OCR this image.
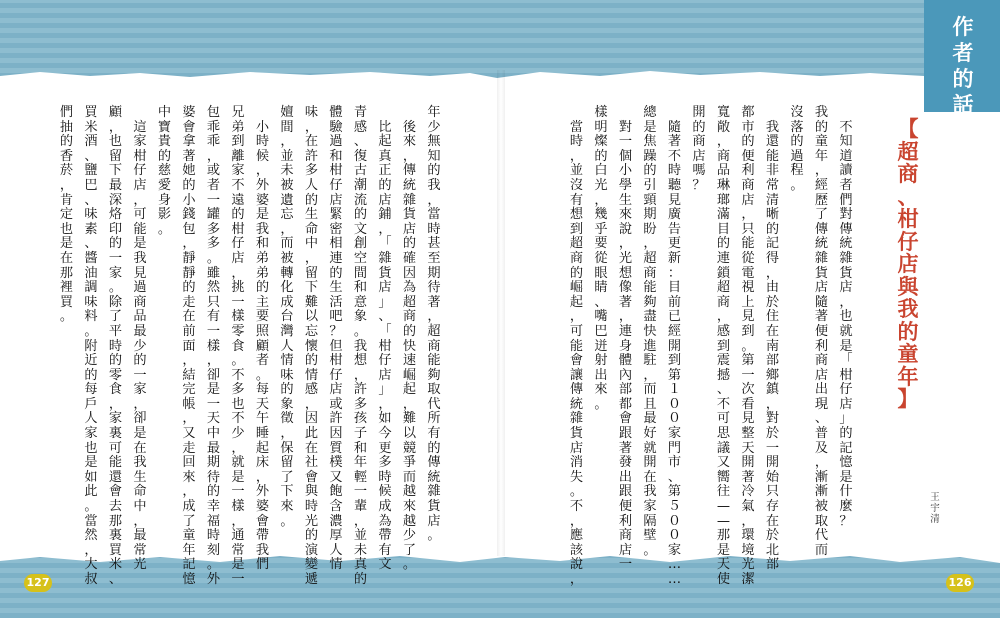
作
者
的
話
【
超
商
、
柑
仔
店
與
我
的
童
年
】
王
宇
清

不
知
道
讀
者
們
對
傳
統
雜
貨
店
，
也
就
是
「
柑
仔
店
」
的
記
憶
是
什
麼
？
我
的
童
年
，
經
歷
了
傳
統
雜
貨
店
隨
著
便
利
商
店
出
現
、
普
及
，
漸
漸
被
取
代
而
沒
落
的
過
程
。

我
還
能
非
常
清
晰
的
記
得
，
由
於
住
在
南
部
鄉
鎮
，
對
於
一
開
始
只
存
在
於
北
部
都
市
的
便
利
商
店
，
只
能
從
電
視
上
見
到
。
第
一
次
看
見
整
天
開
著
冷
氣
，
環
境
光
潔
寬
敞
，
商
品
琳
瑯
滿
目
的
連
鎖
超
商
，
感
到
震
撼
、
不
可
思
議
又
嚮
往
—
—
那
是
天
使
開
的
商
店
嗎
？

隨
著
不
時
聽
見
廣
告
更
新
：
目
前
已
經
開
到
第
１
０
０
家
門
市
、
第
５
０
０
家
…
…
總
是
焦
躁
的
引
頸
期
盼
，
超
商
能
夠
盡
快
進
駐
，
而
且
最
好
就
開
在
我
家
隔
壁
。

對
一
個
小
學
生
來
說
，
光
想
像
著
，
連
身
體
內
部
都
會
跟
著
發
出
跟
便
利
商
店
一
樣
明
燦
的
白
光
，
幾
乎
要
從
眼
睛
、
嘴
巴
迸
射
出
來
。

當
時
，
並
沒
有
想
到
超
商
的
崛
起
，
可
能
會
讓
傳
統
雜
貨
店
消
失
。
不
，
應
該
說
，
年
少
無
知
的
我
，
當
時
甚
至
期
待
著
，
超
商
能
夠
取
代
所
有
的
傳
統
雜
貨
店
。

後
來
，
傳
統
雜
貨
店
的
確
因
為
超
商
的
快
速
崛
起
，
難
以
競
爭
而
越
來
越
少
了
。

比
起
真
正
的
店
鋪
，
「
雜
貨
店
」
、
「
柑
仔
店
」
，
如
今
更
多
時
候
成
為
帶
有
文
青
感
、
復
古
潮
流
的
文
創
空
間
和
意
象
。
我
想
，
許
多
孩
子
和
年
輕
一
輩
，
並
未
真
的
體
驗
過
和
柑
仔
店
緊
密
相
連
的
生
活
吧
？
但
柑
仔
店
或
許
因
質
樸
又
飽
含
濃
厚
人
情
味
，
在
許
多
人
的
生
命
中
，
留
下
難
以
忘
懷
的
情
感
，
因
此
在
社
會
與
時
光
的
演
變
遞
嬗
間
，
並
未
被
遺
忘
，
而
被
轉
化
成
台
灣
人
情
味
的
象
徵
，
保
留
了
下
來
。

小
時
候
，
外
婆
是
我
和
弟
弟
的
主
要
照
顧
者
。
每
天
午
睡
起
床
，
外
婆
會
帶
我
們
兄
弟
到
離
家
不
遠
的
柑
仔
店
，
挑
一
樣
零
食
。
不
多
也
不
少
，
就
是
一
樣
，
通
常
是
一
包
乖
乖
，
或
者
一
罐
多
多
。
雖
然
只
有
一
樣
，
卻
是
一
天
中
最
期
待
的
幸
福
時
刻
。
外
婆
會
拿
著
她
的
小
錢
包
，
靜
靜
的
走
在
前
面
，
結
完
帳
，
又
走
回
來
，
成
了
童
年
記
憶
中
寶
貴
的
慈
愛
身
影
。

這
家
柑
仔
店
，
可
能
是
我
見
過
商
品
最
少
的
一
家
，
卻
是
在
我
生
命
中
，
最
常
光
顧
，
也
留
下
最
深
烙
印
的
一
家
。
除
了
平
時
的
零
食
，
家
裏
可
能
還
會
去
那
裏
買
米
、
買
米
酒
、
鹽
巴
、
味
素
、
醬
油
調
味
料
。
附
近
的
每
戶
人
家
也
是
如
此
。
當
然
，
大
叔
們
抽
的
香
菸
，
肯
定
也
是
在
那
裡
買
。
126
127
